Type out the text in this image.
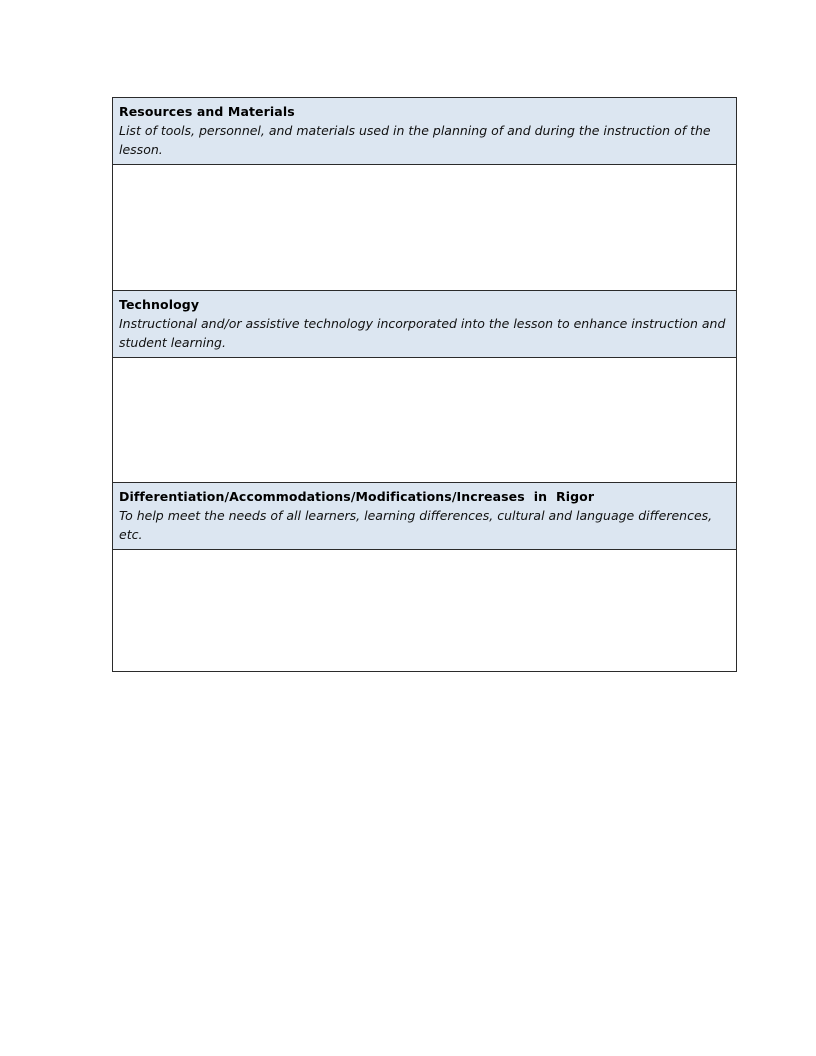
Resources and Materials
List of tools, personnel, and materials used in the planning of and during the instruction of the lesson.
Technology
Instructional and/or assistive technology incorporated into the lesson to enhance instruction and student learning.
Differentiation/Accommodations/Modifications/Increases  in  Rigor
To help meet the needs of all learners, learning differences, cultural and language differences, etc.
